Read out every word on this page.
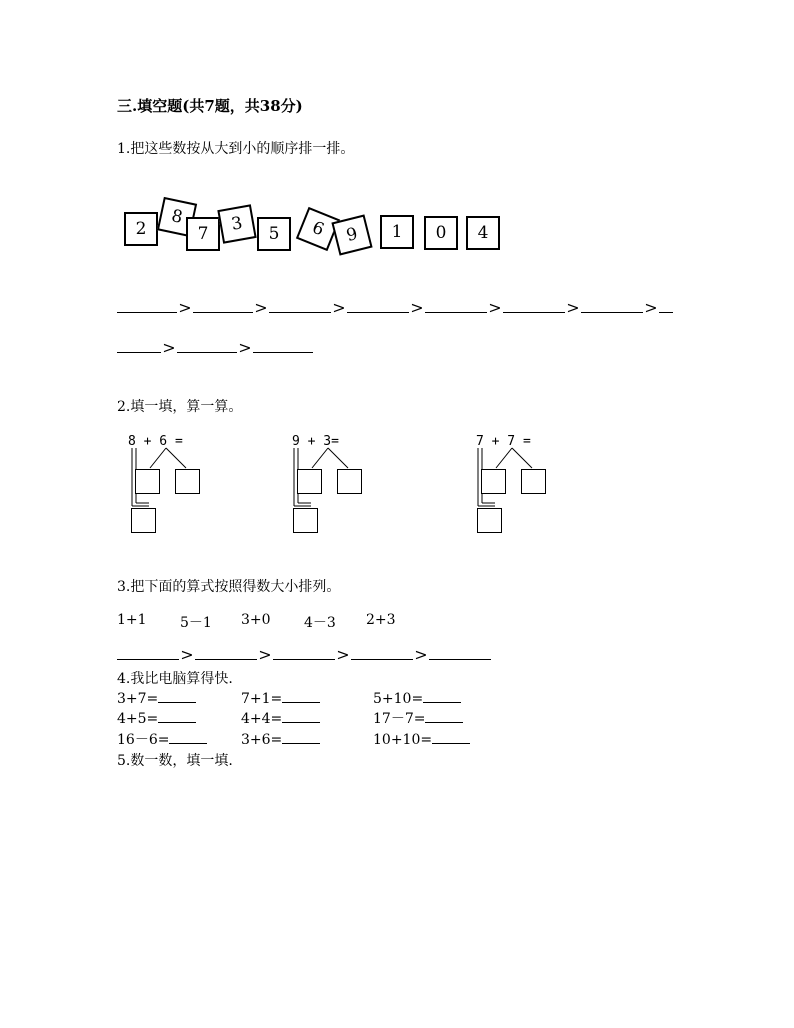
三.填空题(共7题，共38分)
1.把这些数按从大到小的顺序排一排。
2
8
7	3	5	6	9	1	0	4
>	>	>	>	>	>	>
>	>
2.填一填，算一算。
8 + 6 =	9 + 3=	7 + 7 =
3.把下面的算式按照得数大小排列。
1+1 5－1 3+0 4－3 2+3
>	>	>	>
4.我比电脑算得快.
3+7=	7+1=	5+10=
4+5=	4+4=	17－7=
16－6=	3+6=	10+10=
5.数一数，填一填.
